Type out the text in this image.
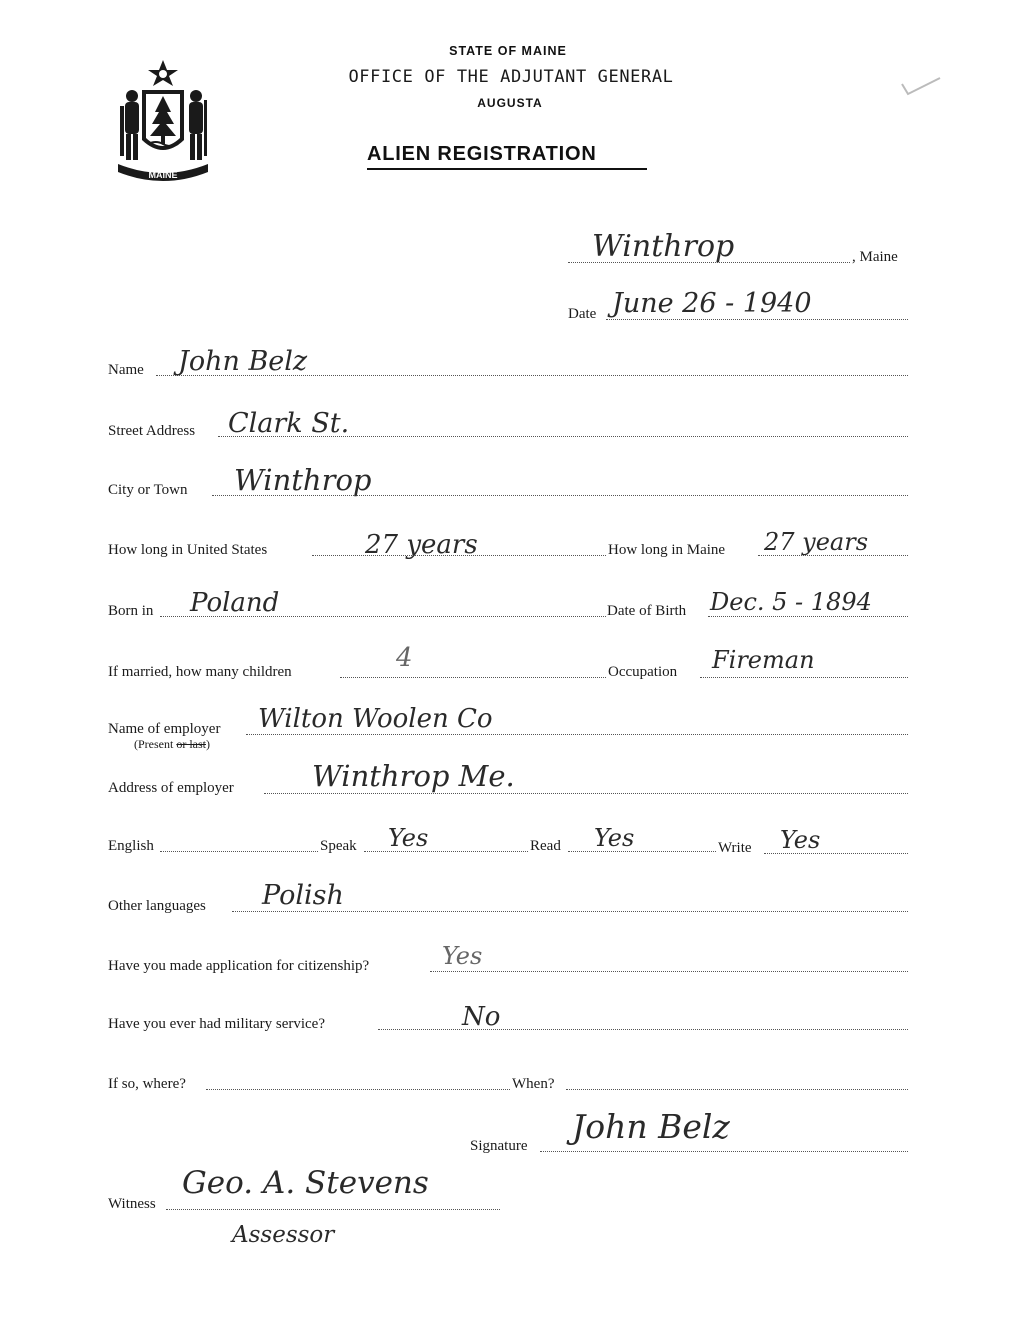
MAINE
STATE OF MAINE
OFFICE OF THE ADJUTANT GENERAL
AUGUSTA
ALIEN REGISTRATION
Winthrop	, Maine
Date June 26 - 1940
Name John Belz
Street Address Clark St.
City or Town Winthrop
How long in United States	27 years	How long in Maine 27 years
Born in Poland	Date of Birth Dec. 5 - 1894
If married, how many children	4	Occupation Fireman
Name of employer
(Present or last)
Wilton Woolen Co
Address of employer	Winthrop Me.
English	Speak Yes	Read Yes	Write Yes
Other languages Polish
Have you made application for citizenship?	Yes
Have you ever had military service?	No
If so, where?	When?
Signature John Belz
Witness
Geo. A. Stevens
Assessor
